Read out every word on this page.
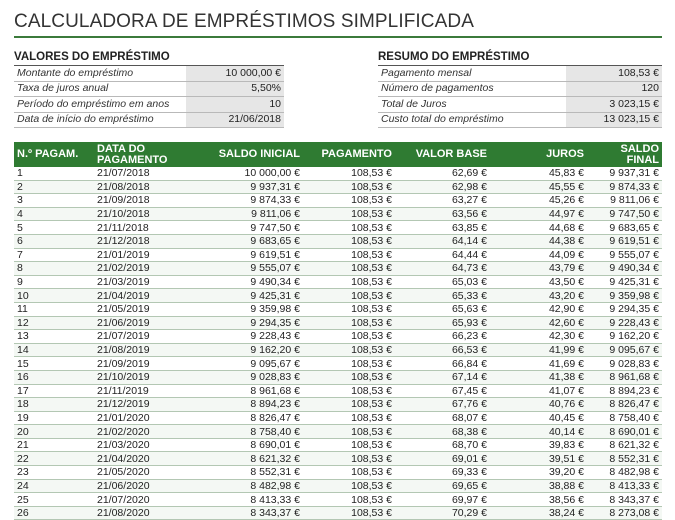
CALCULADORA DE EMPRÉSTIMOS SIMPLIFICADA
VALORES DO EMPRÉSTIMO
Montante do empréstimo	10 000,00 €
Taxa de juros anual	5,50%
Período do empréstimo em anos	10
Data de início do empréstimo	21/06/2018
RESUMO DO EMPRÉSTIMO
Pagamento mensal	108,53 €
Número de pagamentos	120
Total de Juros	3 023,15 €
Custo total do empréstimo	13 023,15 €
N.º PAGAM.	DATA DO PAGAMENTO	SALDO INICIAL	PAGAMENTO	VALOR BASE	JUROS	SALDO FINAL
1	21/07/2018	10 000,00 €	108,53 €	62,69 €	45,83 €	9 937,31 €
2	21/08/2018	9 937,31 €	108,53 €	62,98 €	45,55 €	9 874,33 €
3	21/09/2018	9 874,33 €	108,53 €	63,27 €	45,26 €	9 811,06 €
4	21/10/2018	9 811,06 €	108,53 €	63,56 €	44,97 €	9 747,50 €
5	21/11/2018	9 747,50 €	108,53 €	63,85 €	44,68 €	9 683,65 €
6	21/12/2018	9 683,65 €	108,53 €	64,14 €	44,38 €	9 619,51 €
7	21/01/2019	9 619,51 €	108,53 €	64,44 €	44,09 €	9 555,07 €
8	21/02/2019	9 555,07 €	108,53 €	64,73 €	43,79 €	9 490,34 €
9	21/03/2019	9 490,34 €	108,53 €	65,03 €	43,50 €	9 425,31 €
10	21/04/2019	9 425,31 €	108,53 €	65,33 €	43,20 €	9 359,98 €
11	21/05/2019	9 359,98 €	108,53 €	65,63 €	42,90 €	9 294,35 €
12	21/06/2019	9 294,35 €	108,53 €	65,93 €	42,60 €	9 228,43 €
13	21/07/2019	9 228,43 €	108,53 €	66,23 €	42,30 €	9 162,20 €
14	21/08/2019	9 162,20 €	108,53 €	66,53 €	41,99 €	9 095,67 €
15	21/09/2019	9 095,67 €	108,53 €	66,84 €	41,69 €	9 028,83 €
16	21/10/2019	9 028,83 €	108,53 €	67,14 €	41,38 €	8 961,68 €
17	21/11/2019	8 961,68 €	108,53 €	67,45 €	41,07 €	8 894,23 €
18	21/12/2019	8 894,23 €	108,53 €	67,76 €	40,76 €	8 826,47 €
19	21/01/2020	8 826,47 €	108,53 €	68,07 €	40,45 €	8 758,40 €
20	21/02/2020	8 758,40 €	108,53 €	68,38 €	40,14 €	8 690,01 €
21	21/03/2020	8 690,01 €	108,53 €	68,70 €	39,83 €	8 621,32 €
22	21/04/2020	8 621,32 €	108,53 €	69,01 €	39,51 €	8 552,31 €
23	21/05/2020	8 552,31 €	108,53 €	69,33 €	39,20 €	8 482,98 €
24	21/06/2020	8 482,98 €	108,53 €	69,65 €	38,88 €	8 413,33 €
25	21/07/2020	8 413,33 €	108,53 €	69,97 €	38,56 €	8 343,37 €
26	21/08/2020	8 343,37 €	108,53 €	70,29 €	38,24 €	8 273,08 €
